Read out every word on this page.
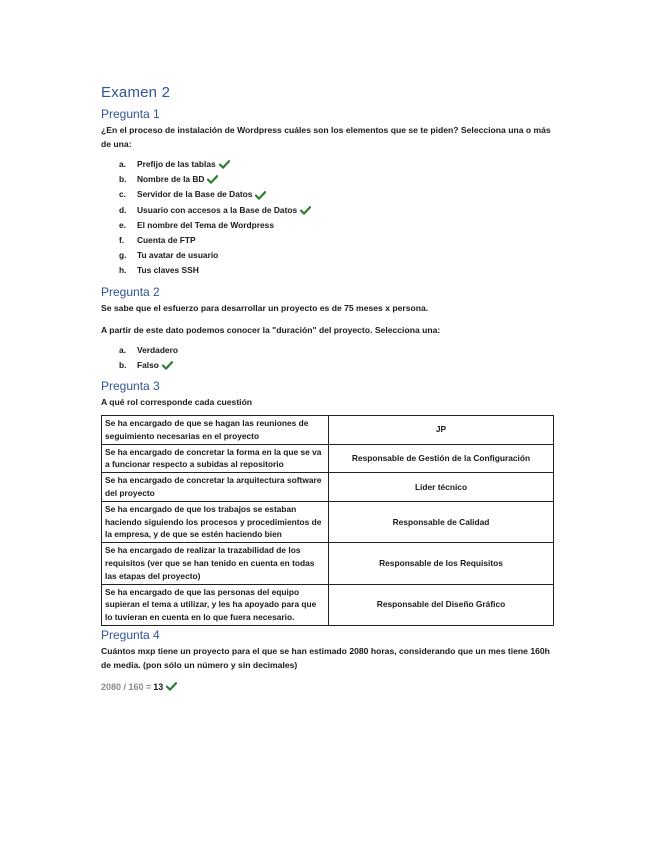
Examen 2
Pregunta 1

¿En el proceso de instalación de Wordpress cuáles son los elementos que se te piden? Selecciona una o más de una:

a.	Prefijo de las tablas
b.	Nombre de la BD
c.	Servidor de la Base de Datos
d.	Usuario con accesos a la Base de Datos
e.	El nombre del Tema de Wordpress
f.	Cuenta de FTP
g.	Tu avatar de usuario
h.	Tus claves SSH
Pregunta 2

Se sabe que el esfuerzo para desarrollar un proyecto es de 75 meses x persona.

A partir de este dato podemos conocer la "duración" del proyecto. Selecciona una:

a.	Verdadero
b.	Falso
Pregunta 3

A qué rol corresponde cada cuestión

Se ha encargado de que se hagan las reuniones de seguimiento necesarias en el proyecto	JP
Se ha encargado de concretar la forma en la que se va a funcionar respecto a subidas al repositorio	Responsable de Gestión de la Configuración
Se ha encargado de concretar la arquitectura software del proyecto	Líder técnico
Se ha encargado de que los trabajos se estaban haciendo siguiendo los procesos y procedimientos de la empresa, y de que se estén haciendo bien	Responsable de Calidad
Se ha encargado de realizar la trazabilidad de los requisitos (ver que se han tenido en cuenta en todas las etapas del proyecto)	Responsable de los Requisitos
Se ha encargado de que las personas del equipo supieran el tema a utilizar, y les ha apoyado para que lo tuvieran en cuenta en lo que fuera necesario.	Responsable del Diseño Gráfico
Pregunta 4

Cuántos mxp tiene un proyecto para el que se han estimado 2080 horas, considerando que un mes tiene 160h de media. (pon sólo un número y sin decimales)

2080 / 160 = 13
